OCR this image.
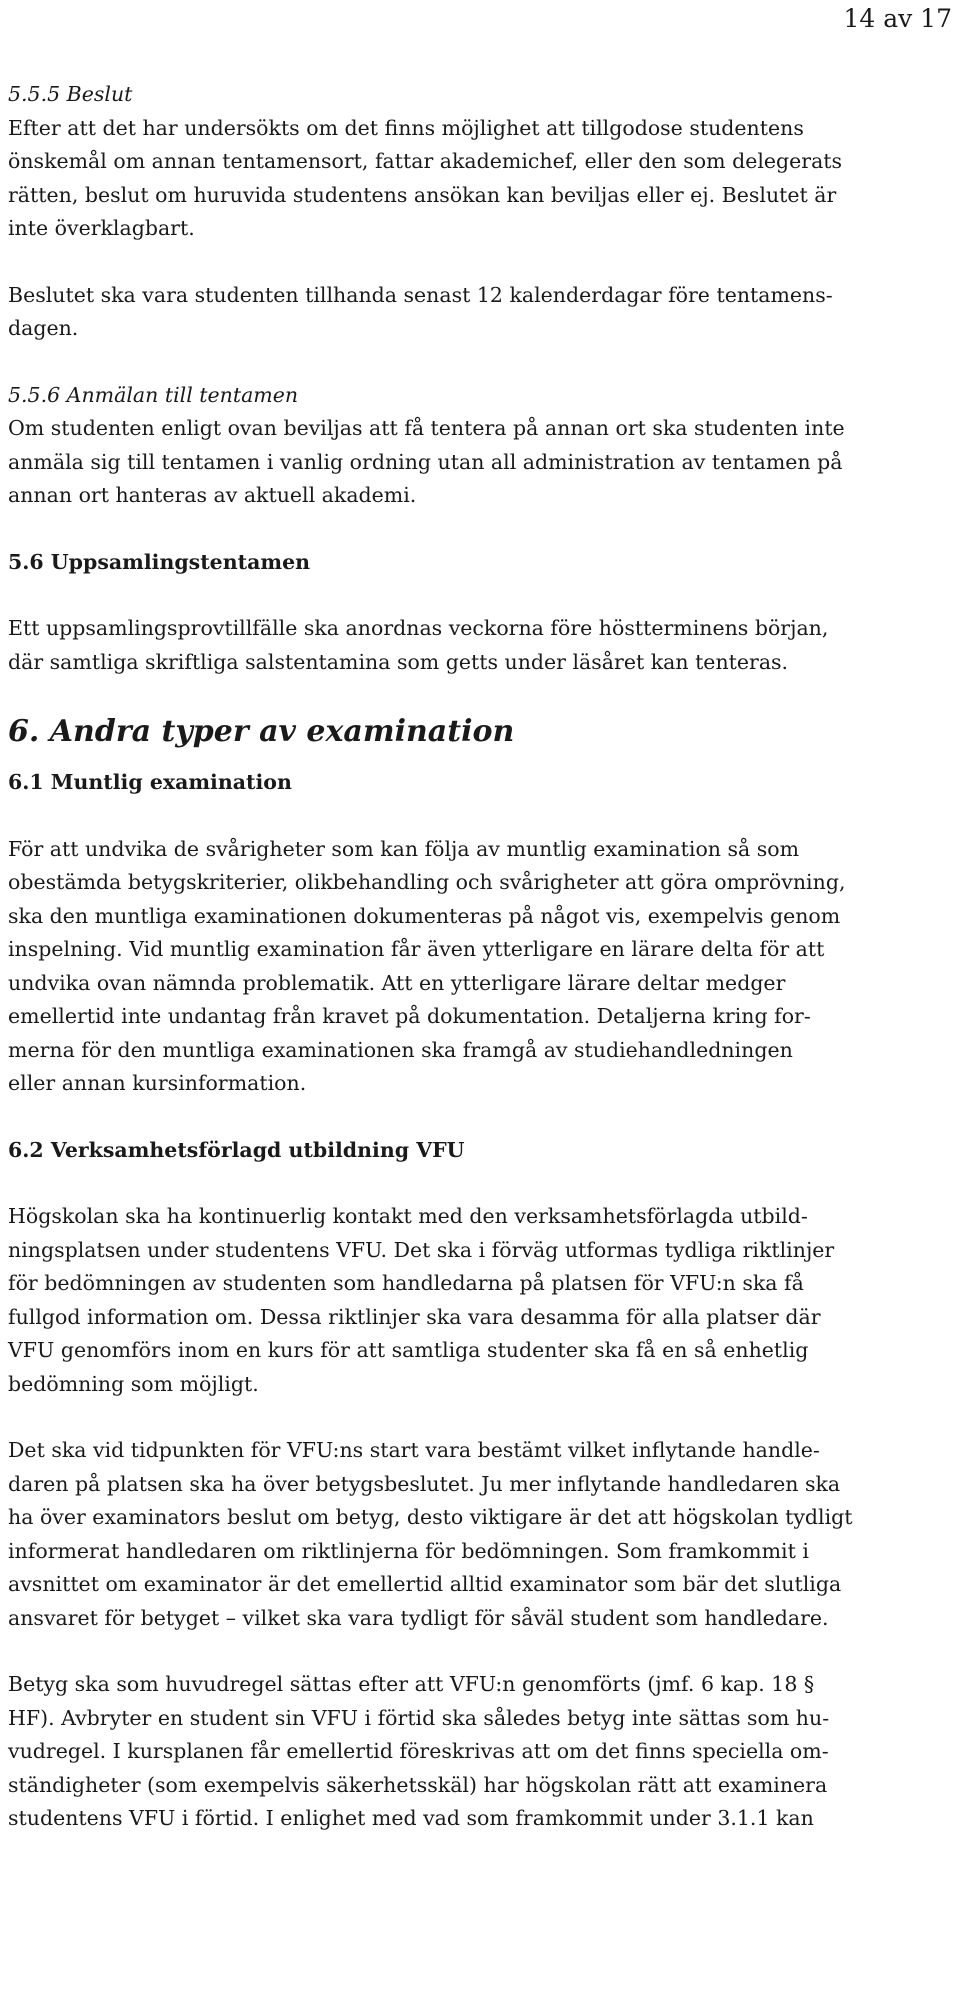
14 av 17
5.5.5 Beslut

Efter att det har undersökts om det finns möjlighet att tillgodose studentens
önskemål om annan tentamensort, fattar akademichef, eller den som delegerats
rätten, beslut om huruvida studentens ansökan kan beviljas eller ej. Beslutet är
inte överklagbart.

Beslutet ska vara studenten tillhanda senast 12 kalenderdagar före tentamens-
dagen.

5.5.6 Anmälan till tentamen

Om studenten enligt ovan beviljas att få tentera på annan ort ska studenten inte
anmäla sig till tentamen i vanlig ordning utan all administration av tentamen på
annan ort hanteras av aktuell akademi.

5.6 Uppsamlingstentamen

Ett uppsamlingsprovtillfälle ska anordnas veckorna före höstterminens början,
där samtliga skriftliga salstentamina som getts under läsåret kan tenteras.

6. Andra typer av examination
6.1 Muntlig examination

För att undvika de svårigheter som kan följa av muntlig examination så som
obestämda betygskriterier, olikbehandling och svårigheter att göra omprövning,
ska den muntliga examinationen dokumenteras på något vis, exempelvis genom
inspelning. Vid muntlig examination får även ytterligare en lärare delta för att
undvika ovan nämnda problematik. Att en ytterligare lärare deltar medger
emellertid inte undantag från kravet på dokumentation. Detaljerna kring for-
merna för den muntliga examinationen ska framgå av studiehandledningen
eller annan kursinformation.

6.2 Verksamhetsförlagd utbildning VFU

Högskolan ska ha kontinuerlig kontakt med den verksamhetsförlagda utbild-
ningsplatsen under studentens VFU. Det ska i förväg utformas tydliga riktlinjer
för bedömningen av studenten som handledarna på platsen för VFU:n ska få
fullgod information om. Dessa riktlinjer ska vara desamma för alla platser där
VFU genomförs inom en kurs för att samtliga studenter ska få en så enhetlig
bedömning som möjligt.

Det ska vid tidpunkten för VFU:ns start vara bestämt vilket inflytande handle-
daren på platsen ska ha över betygsbeslutet. Ju mer inflytande handledaren ska
ha över examinators beslut om betyg, desto viktigare är det att högskolan tydligt
informerat handledaren om riktlinjerna för bedömningen. Som framkommit i
avsnittet om examinator är det emellertid alltid examinator som bär det slutliga
ansvaret för betyget – vilket ska vara tydligt för såväl student som handledare.

Betyg ska som huvudregel sättas efter att VFU:n genomförts (jmf. 6 kap. 18 §
HF). Avbryter en student sin VFU i förtid ska således betyg inte sättas som hu-
vudregel. I kursplanen får emellertid föreskrivas att om det finns speciella om-
ständigheter (som exempelvis säkerhetsskäl) har högskolan rätt att examinera
studentens VFU i förtid. I enlighet med vad som framkommit under 3.1.1 kan
